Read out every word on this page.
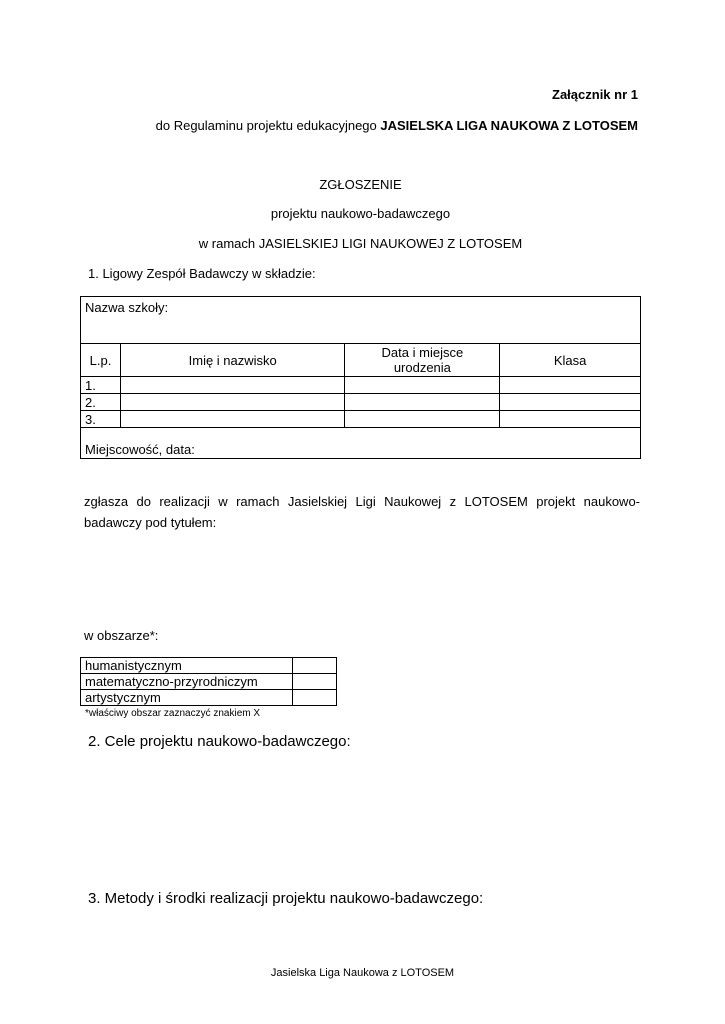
Załącznik nr 1
do Regulaminu projektu edukacyjnego JASIELSKA LIGA NAUKOWA Z LOTOSEM
ZGŁOSZENIE
projektu naukowo-badawczego
w ramach JASIELSKIEJ LIGI NAUKOWEJ Z LOTOSEM
1. Ligowy Zespół Badawczy w składzie:
Nazwa szkoły:			
L.p.	Imię i nazwisko	Data i miejsce urodzenia	Klasa
1.			
2.			
3.			
Miejscowość, data:			
zgłasza do realizacji w ramach Jasielskiej Ligi Naukowej z LOTOSEM projekt naukowo-badawczy pod tytułem:
w obszarze*:
humanistycznym	
matematyczno-przyrodniczym	
artystycznym	
*właściwy obszar zaznaczyć znakiem X
2. Cele projektu naukowo-badawczego:
3. Metody i środki realizacji projektu naukowo-badawczego:
Jasielska Liga Naukowa z LOTOSEM
